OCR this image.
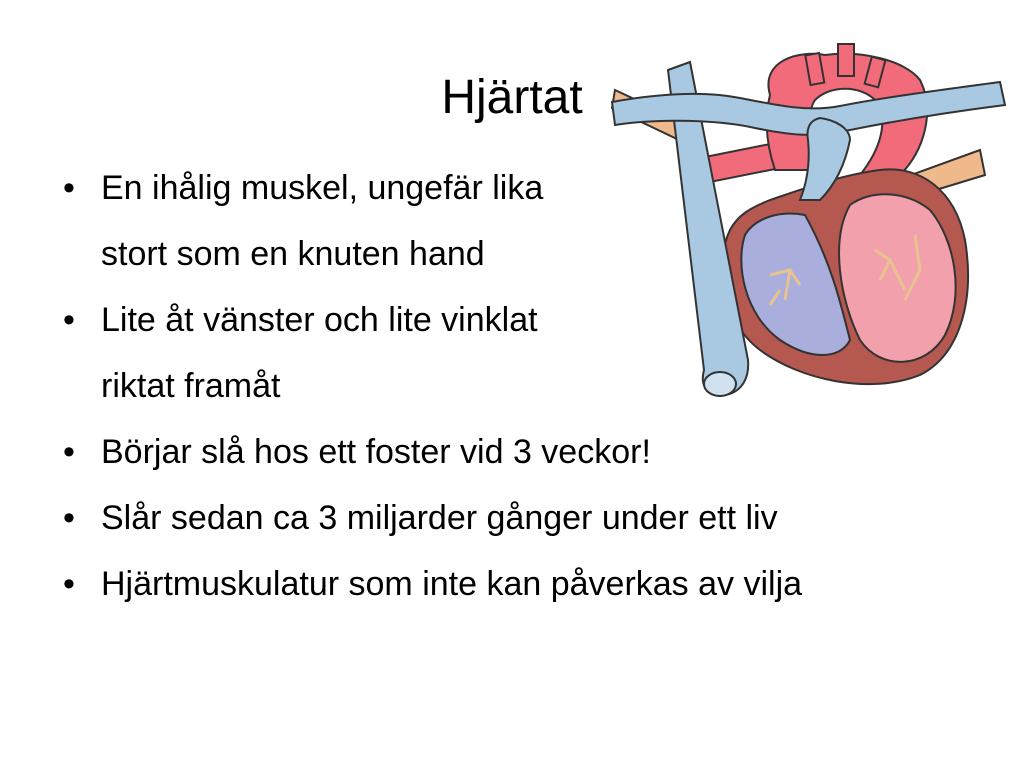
Hjärtat
• En ihålig muskel, ungefär lika
stort som en knuten hand
• Lite åt vänster och lite vinklat
riktat framåt
• Börjar slå hos ett foster vid 3 veckor!
• Slår sedan ca 3 miljarder gånger under ett liv
• Hjärtmuskulatur som inte kan påverkas av vilja
